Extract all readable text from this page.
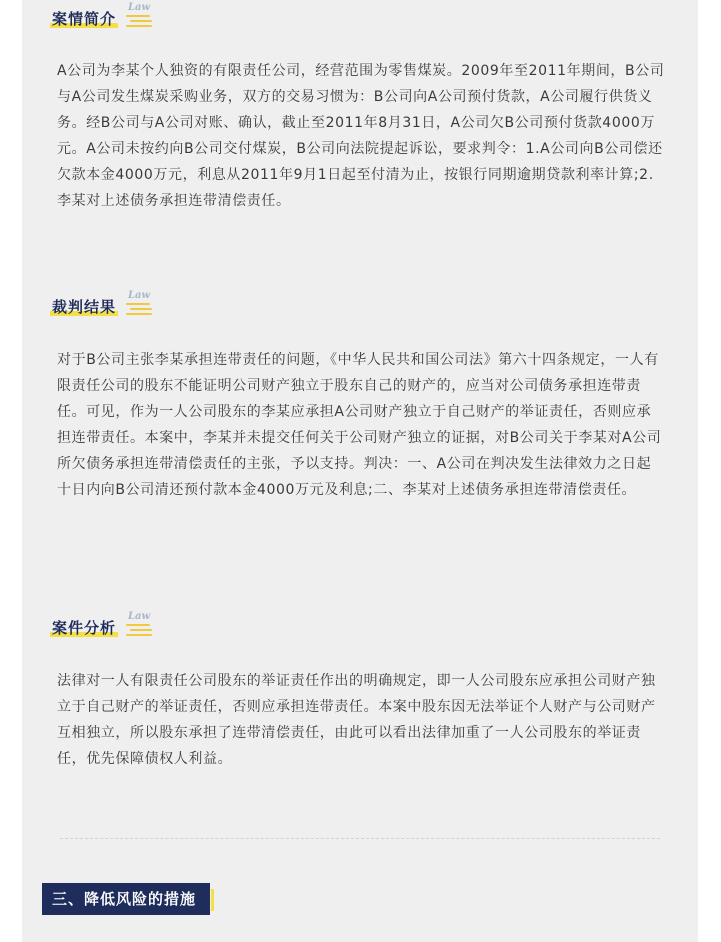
案情简介
Law

A公司为李某个人独资的有限责任公司，经营范围为零售煤炭。2009年至2011年期间，B公司与A公司发生煤炭采购业务，双方的交易习惯为：B公司向A公司预付货款，A公司履行供货义务。经B公司与A公司对账、确认，截止至2011年8月31日，A公司欠B公司预付货款4000万元。A公司未按约向B公司交付煤炭，B公司向法院提起诉讼，要求判令：1.A公司向B公司偿还欠款本金4000万元，利息从2011年9月1日起至付清为止，按银行同期逾期贷款利率计算;2.李某对上述债务承担连带清偿责任。

裁判结果
Law

对于B公司主张李某承担连带责任的问题，《中华人民共和国公司法》第六十四条规定，一人有限责任公司的股东不能证明公司财产独立于股东自己的财产的，应当对公司债务承担连带责任。可见，作为一人公司股东的李某应承担A公司财产独立于自己财产的举证责任，否则应承担连带责任。本案中，李某并未提交任何关于公司财产独立的证据，对B公司关于李某对A公司所欠债务承担连带清偿责任的主张，予以支持。判决：一、A公司在判决发生法律效力之日起十日内向B公司清还预付款本金4000万元及利息;二、李某对上述债务承担连带清偿责任。

案件分析
Law

法律对一人有限责任公司股东的举证责任作出的明确规定，即一人公司股东应承担公司财产独立于自己财产的举证责任，否则应承担连带责任。本案中股东因无法举证个人财产与公司财产互相独立，所以股东承担了连带清偿责任，由此可以看出法律加重了一人公司股东的举证责任，优先保障债权人利益。

三、降低风险的措施
